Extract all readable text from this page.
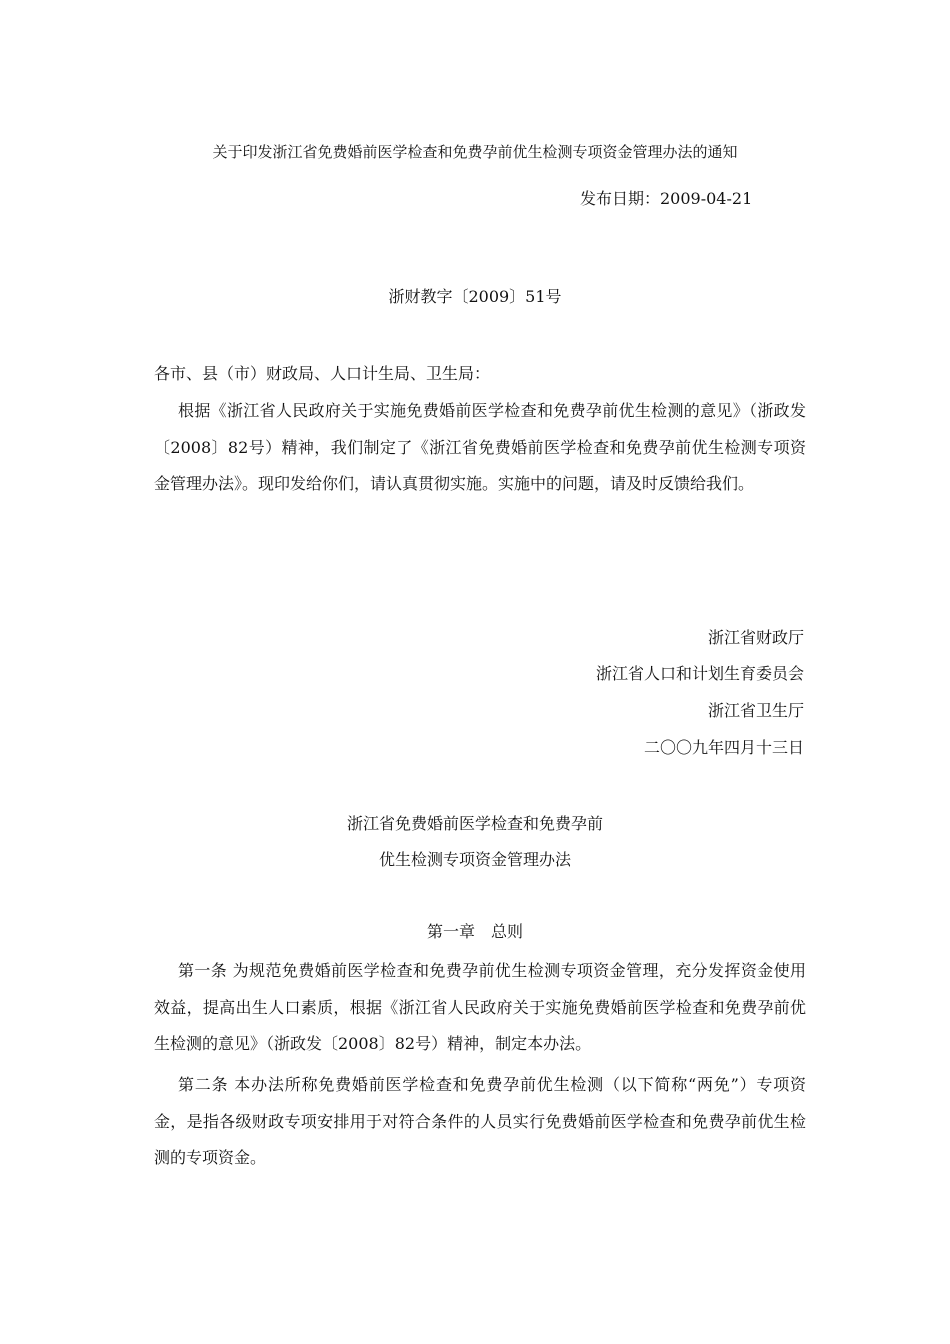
关于印发浙江省免费婚前医学检查和免费孕前优生检测专项资金管理办法的通知
发布日期：2009-04-21
浙财教字〔2009〕51号
各市、县（市）财政局、人口计生局、卫生局：

根据《浙江省人民政府关于实施免费婚前医学检查和免费孕前优生检测的意见》（浙政发〔2008〕82号）精神，我们制定了《浙江省免费婚前医学检查和免费孕前优生检测专项资金管理办法》。现印发给你们，请认真贯彻实施。实施中的问题，请及时反馈给我们。

浙江省财政厅
浙江省人口和计划生育委员会
浙江省卫生厅
二〇〇九年四月十三日
浙江省免费婚前医学检查和免费孕前
优生检测专项资金管理办法
第一章　总则

第一条 为规范免费婚前医学检查和免费孕前优生检测专项资金管理，充分发挥资金使用效益，提高出生人口素质，根据《浙江省人民政府关于实施免费婚前医学检查和免费孕前优生检测的意见》（浙政发〔2008〕82号）精神，制定本办法。

第二条 本办法所称免费婚前医学检查和免费孕前优生检测（以下简称“两免”）专项资金，是指各级财政专项安排用于对符合条件的人员实行免费婚前医学检查和免费孕前优生检测的专项资金。
